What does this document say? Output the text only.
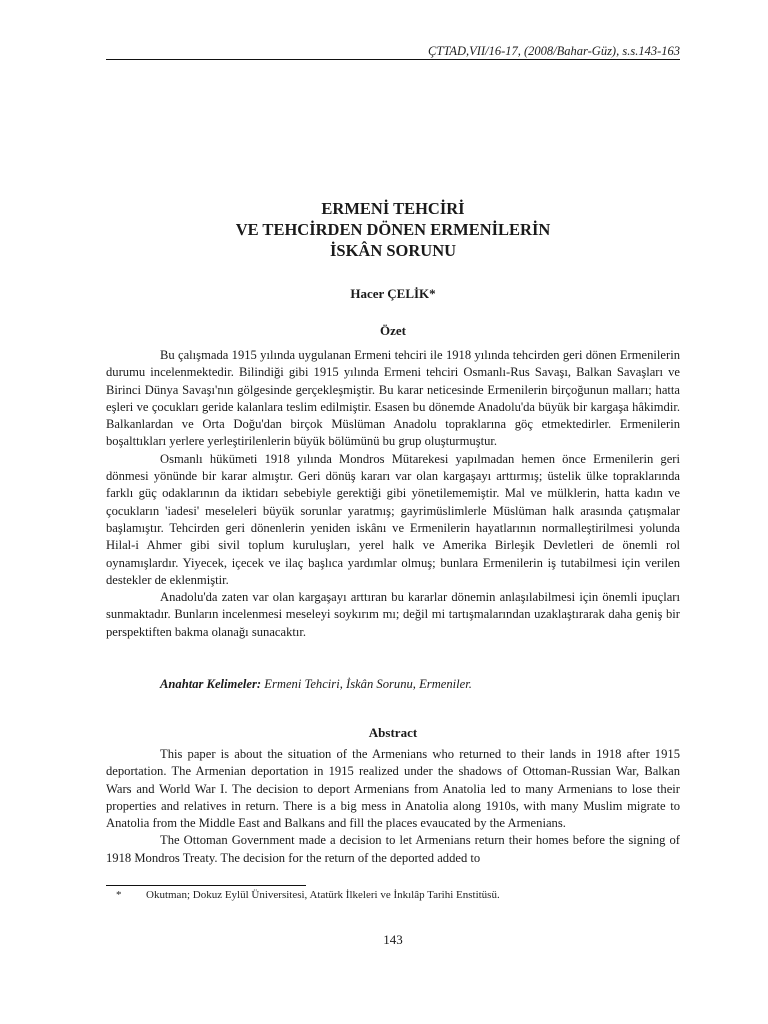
ÇTTAD,VII/16-17, (2008/Bahar-Güz), s.s.143-163
ERMENİ TEHCİRİ
VE TEHCİRDEN DÖNEN ERMENİLERİN
İSKÂN SORUNU
Hacer ÇELİK*
Özet

Bu çalışmada 1915 yılında uygulanan Ermeni tehciri ile 1918 yılında tehcirden geri dönen Ermenilerin durumu incelenmektedir. Bilindiği gibi 1915 yılında Ermeni tehciri Osmanlı-Rus Savaşı, Balkan Savaşları ve Birinci Dünya Savaşı'nın gölgesinde gerçekleşmiştir. Bu karar neticesinde Ermenilerin birçoğunun malları; hatta eşleri ve çocukları geride kalanlara teslim edilmiştir. Esasen bu dönemde Anadolu'da büyük bir kargaşa hâkimdir. Balkanlardan ve Orta Doğu'dan birçok Müslüman Anadolu topraklarına göç etmektedirler. Ermenilerin boşalttıkları yerlere yerleştirilenlerin büyük bölümünü bu grup oluşturmuştur.

Osmanlı hükümeti 1918 yılında Mondros Mütarekesi yapılmadan hemen önce Ermenilerin geri dönmesi yönünde bir karar almıştır. Geri dönüş kararı var olan kargaşayı arttırmış; üstelik ülke topraklarında farklı güç odaklarının da iktidarı sebebiyle gerektiği gibi yönetilememiştir. Mal ve mülklerin, hatta kadın ve çocukların 'iadesi' meseleleri büyük sorunlar yaratmış; gayrimüslimlerle Müslüman halk arasında çatışmalar başlamıştır. Tehcirden geri dönenlerin yeniden iskânı ve Ermenilerin hayatlarının normalleştirilmesi yolunda Hilal-i Ahmer gibi sivil toplum kuruluşları, yerel halk ve Amerika Birleşik Devletleri de önemli rol oynamışlardır. Yiyecek, içecek ve ilaç başlıca yardımlar olmuş; bunlara Ermenilerin iş tutabilmesi için verilen destekler de eklenmiştir.

Anadolu'da zaten var olan kargaşayı arttıran bu kararlar dönemin anlaşılabilmesi için önemli ipuçları sunmaktadır. Bunların incelenmesi meseleyi soykırım mı; değil mi tartışmalarından uzaklaştırarak daha geniş bir perspektiften bakma olanağı sunacaktır.

Anahtar Kelimeler: Ermeni Tehciri, İskân Sorunu, Ermeniler.
Abstract

This paper is about the situation of the Armenians who returned to their lands in 1918 after 1915 deportation. The Armenian deportation in 1915 realized under the shadows of Ottoman-Russian War, Balkan Wars and World War I. The decision to deport Armenians from Anatolia led to many Armenians to lose their properties and relatives in return. There is a big mess in Anatolia along 1910s, with many Muslim migrate to Anatolia from the Middle East and Balkans and fill the places evaucated by the Armenians.

The Ottoman Government made a decision to let Armenians return their homes before the signing of 1918 Mondros Treaty. The decision for the return of the deported added to

* Okutman; Dokuz Eylül Üniversitesi, Atatürk İlkeleri ve İnkılâp Tarihi Enstitüsü.
143
